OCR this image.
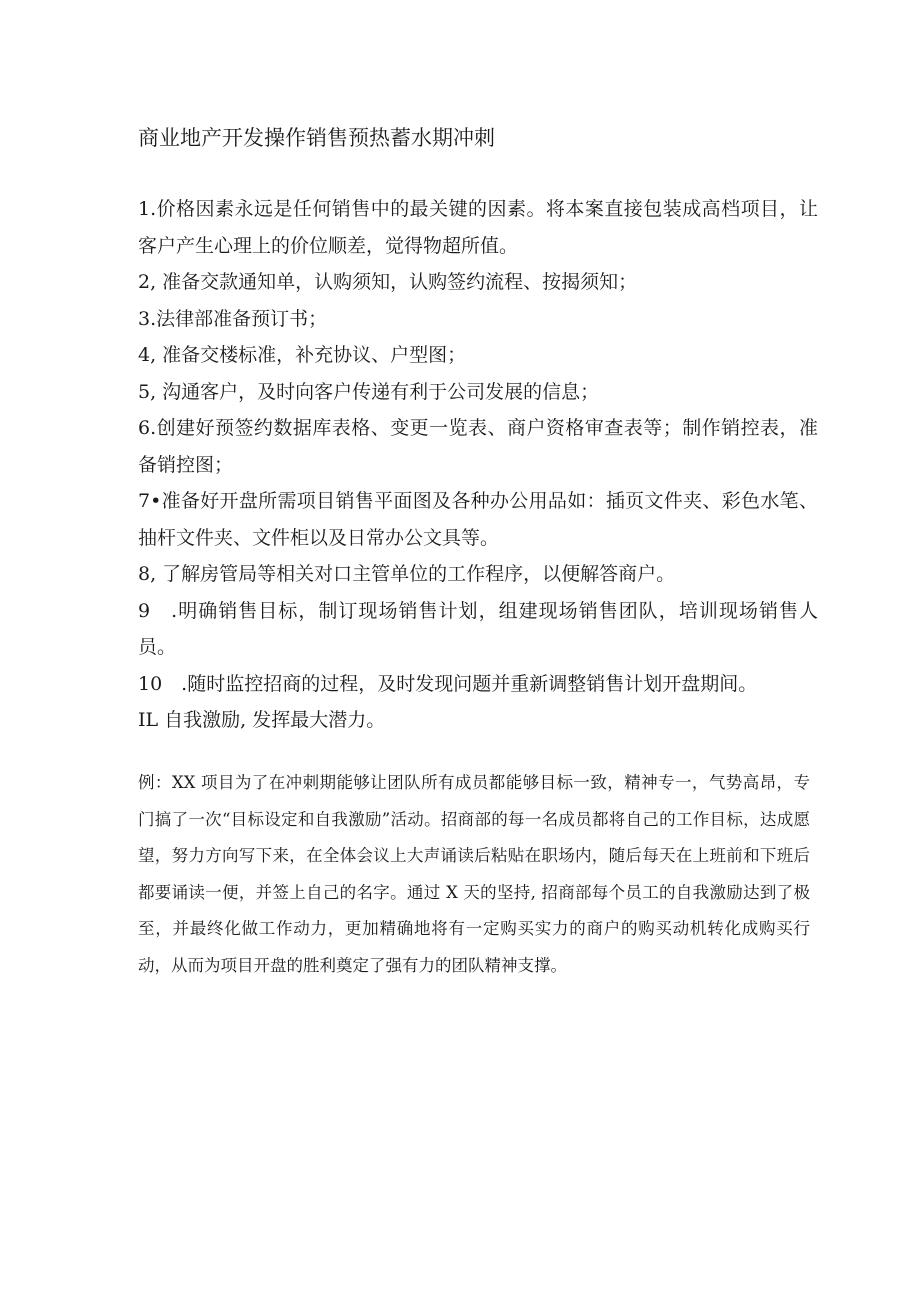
商业地产开发操作销售预热蓄水期冲刺
1.价格因素永远是任何销售中的最关键的因素。将本案直接包装成高档项目，让客户产生心理上的价位顺差，觉得物超所值。
2, 准备交款通知单，认购须知，认购签约流程、按揭须知；
3.法律部准备预订书；
4, 准备交楼标准，补充协议、户型图；
5, 沟通客户，及时向客户传递有利于公司发展的信息；
6.创建好预签约数据库表格、变更一览表、商户资格审查表等；制作销控表，准备销控图；
7•准备好开盘所需项目销售平面图及各种办公用品如：插页文件夹、彩色水笔、抽杆文件夹、文件柜以及日常办公文具等。
8, 了解房管局等相关对口主管单位的工作程序，以便解答商户。
9　.明确销售目标，制订现场销售计划，组建现场销售团队，培训现场销售人员。
10　.随时监控招商的过程，及时发现问题并重新调整销售计划开盘期间。
IL 自我激励, 发挥最大潜力。

例：XX 项目为了在冲刺期能够让团队所有成员都能够目标一致，精神专一，气势高昂，专门搞了一次“目标设定和自我激励”活动。招商部的每一名成员都将自己的工作目标，达成愿望，努力方向写下来，在全体会议上大声诵读后粘贴在职场内，随后每天在上班前和下班后都要诵读一便，并签上自己的名字。通过 X 天的坚持, 招商部每个员工的自我激励达到了极至，并最终化做工作动力，更加精确地将有一定购买实力的商户的购买动机转化成购买行动，从而为项目开盘的胜利奠定了强有力的团队精神支撑。
